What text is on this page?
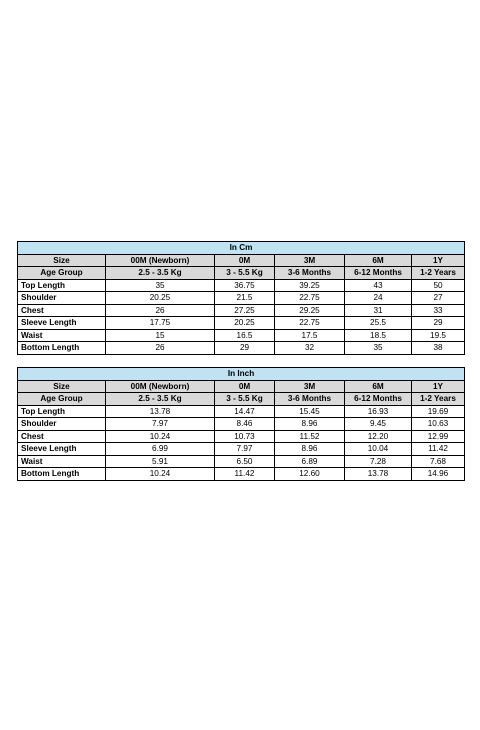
In Cm					
Size	00M (Newborn)	0M	3M	6M	1Y
Age Group	2.5 - 3.5 Kg	3 - 5.5 Kg	3-6 Months	6-12 Months	1-2 Years
Top Length	35	36.75	39.25	43	50
Shoulder	20.25	21.5	22.75	24	27
Chest	26	27.25	29.25	31	33
Sleeve Length	17.75	20.25	22.75	25.5	29
Waist	15	16.5	17.5	18.5	19.5
Bottom Length	26	29	32	35	38
In Inch					
Size	00M (Newborn)	0M	3M	6M	1Y
Age Group	2.5 - 3.5 Kg	3 - 5.5 Kg	3-6 Months	6-12 Months	1-2 Years
Top Length	13.78	14.47	15.45	16.93	19.69
Shoulder	7.97	8.46	8.96	9.45	10.63
Chest	10.24	10.73	11.52	12.20	12.99
Sleeve Length	6.99	7.97	8.96	10.04	11.42
Waist	5.91	6.50	6.89	7.28	7.68
Bottom Length	10.24	11.42	12.60	13.78	14.96
